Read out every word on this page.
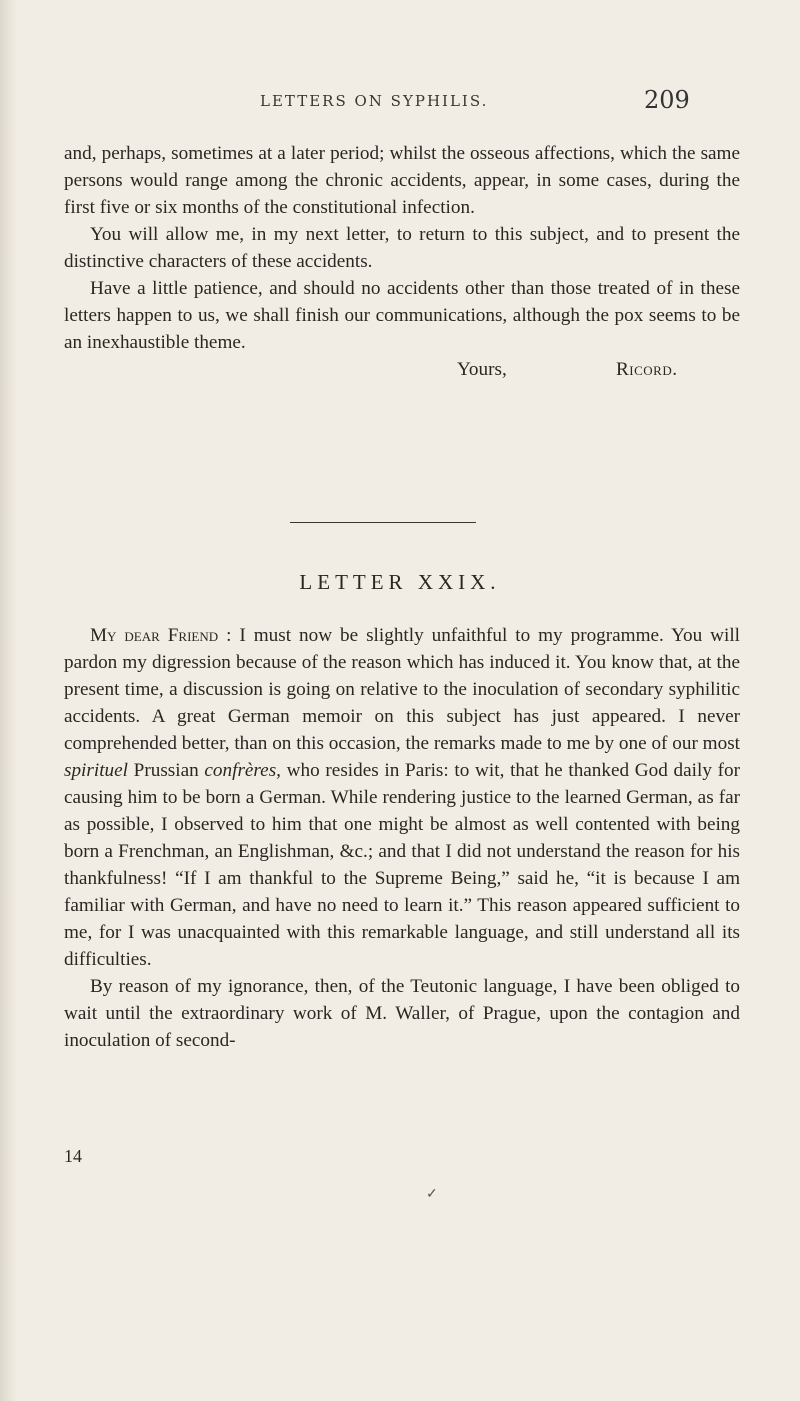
LETTERS ON SYPHILIS.	209

and, perhaps, sometimes at a later period; whilst the osseous affections, which the same persons would range among the chronic accidents, appear, in some cases, during the first five or six months of the constitutional infection.

You will allow me, in my next letter, to return to this subject, and to present the distinctive characters of these accidents.

Have a little patience, and should no accidents other than those treated of in these letters happen to us, we shall finish our communications, although the pox seems to be an inexhaustible theme.

Yours,	Ricord.
LETTER XXIX.

My dear Friend : I must now be slightly unfaithful to my programme. You will pardon my digression because of the reason which has induced it. You know that, at the present time, a discussion is going on relative to the inoculation of secondary syphilitic accidents. A great German memoir on this subject has just appeared. I never comprehended better, than on this occasion, the remarks made to me by one of our most spirituel Prussian confrères, who resides in Paris: to wit, that he thanked God daily for causing him to be born a German. While rendering justice to the learned German, as far as possible, I observed to him that one might be almost as well contented with being born a Frenchman, an Englishman, &c.; and that I did not understand the reason for his thankfulness! “If I am thankful to the Supreme Being,” said he, “it is because I am familiar with German, and have no need to learn it.” This reason appeared sufficient to me, for I was unacquainted with this remarkable language, and still understand all its difficulties.

By reason of my ignorance, then, of the Teutonic language, I have been obliged to wait until the extraordinary work of M. Waller, of Prague, upon the contagion and inoculation of second-

14
✓
